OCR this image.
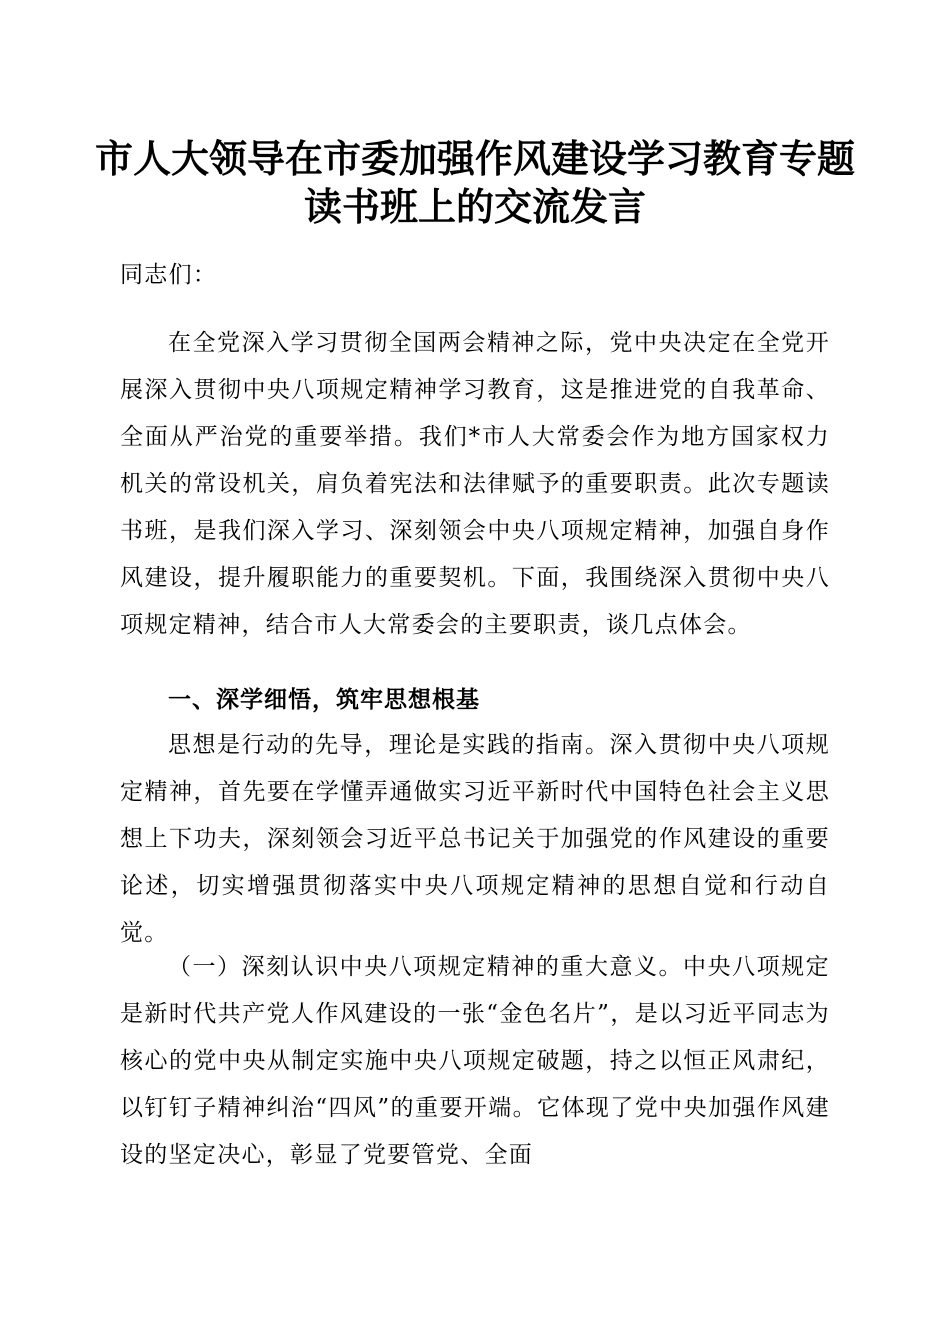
市人大领导在市委加强作风建设学习教育专题
读书班上的交流发言

同志们：

在全党深入学习贯彻全国两会精神之际，党中央决定在全党开展深入贯彻中央八项规定精神学习教育，这是推进党的自我革命、全面从严治党的重要举措。我们*市人大常委会作为地方国家权力机关的常设机关，肩负着宪法和法律赋予的重要职责。此次专题读书班，是我们深入学习、深刻领会中央八项规定精神，加强自身作风建设，提升履职能力的重要契机。下面，我围绕深入贯彻中央八项规定精神，结合市人大常委会的主要职责，谈几点体会。

一、深学细悟，筑牢思想根基

思想是行动的先导，理论是实践的指南。深入贯彻中央八项规定精神，首先要在学懂弄通做实习近平新时代中国特色社会主义思想上下功夫，深刻领会习近平总书记关于加强党的作风建设的重要论述，切实增强贯彻落实中央八项规定精神的思想自觉和行动自觉。

（一）深刻认识中央八项规定精神的重大意义。中央八项规定是新时代共产党人作风建设的一张“金色名片”，是以习近平同志为核心的党中央从制定实施中央八项规定破题，持之以恒正风肃纪，以钉钉子精神纠治“四风”的重要开端。它体现了党中央加强作风建设的坚定决心，彰显了党要管党、全面
